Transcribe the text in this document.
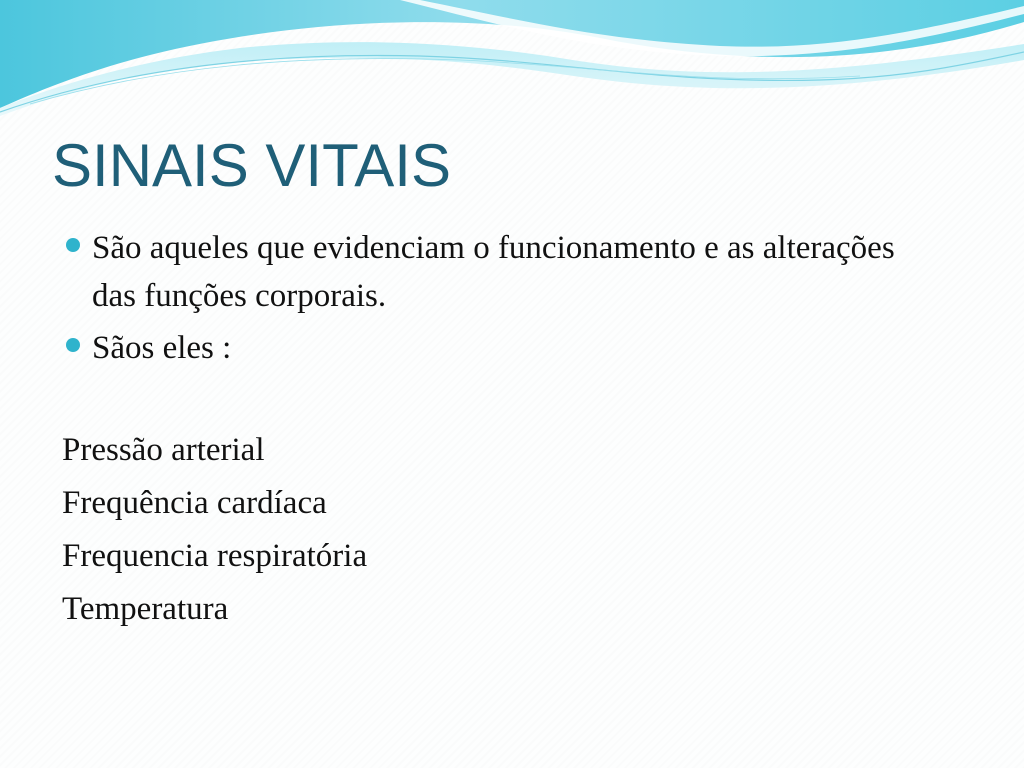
SINAIS VITAIS
São aqueles que evidenciam o funcionamento e as alterações das funções corporais.
Sãos eles :
Pressão arterial
Frequência cardíaca
Frequencia respiratória
Temperatura
